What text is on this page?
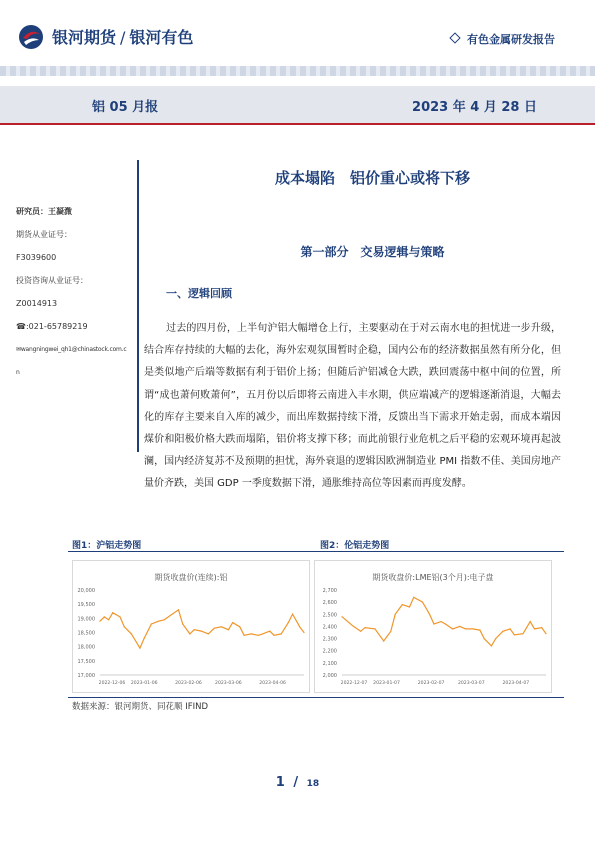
银河期货 / 银河有色	有色金属研发报告
铝 05 月报	2023 年 4 月 28 日
研究员：王凝溦
期货从业证号：
F3039600
投资咨询从业证号：
Z0014913
☎:021-65789219
✉wangningwei_qh1@chinastock.com.c
n
成本塌陷　铝价重心或将下移
第一部分　交易逻辑与策略
一、逻辑回顾
过去的四月份，上半旬沪铝大幅增仓上行，主要驱动在于对云南水电的担忧进一步升级，结合库存持续的大幅的去化，海外宏观氛围暂时企稳，国内公布的经济数据虽然有所分化，但是类似地产后端等数据有利于铝价上扬；但随后沪铝减仓大跌，跌回震荡中枢中间的位置，所谓“成也萧何败萧何”，五月份以后即将云南进入丰水期，供应端减产的逻辑逐渐消退，大幅去化的库存主要来自入库的减少，而出库数据持续下滑，反馈出当下需求开始走弱，而成本端因煤价和阳极价格大跌而塌陷，铝价将支撑下移；而此前银行业危机之后平稳的宏观环境再起波澜，国内经济复苏不及预期的担忧，海外衰退的逻辑因欧洲制造业 PMI 指数不佳、美国房地产量价齐跌，美国 GDP 一季度数据下滑，通胀维持高位等因素而再度发酵。
图1：沪铝走势图	图2：伦铝走势图
期货收盘价(连续):铝
20,000
19,500
19,000
18,500
18,000
17,500
17,000
2022-12-06 2023-01-06	2023-02-06	2023-03-06	2023-04-06
期货收盘价:LME铝(3个月):电子盘
2,700
2,600
2,500
2,400
2,300
2,200
2,100
2,000
2022-12-07 2023-01-07	2023-02-07	2023-03-07	2023-04-07
数据来源：银河期货、同花顺 IFIND
1 / 18
